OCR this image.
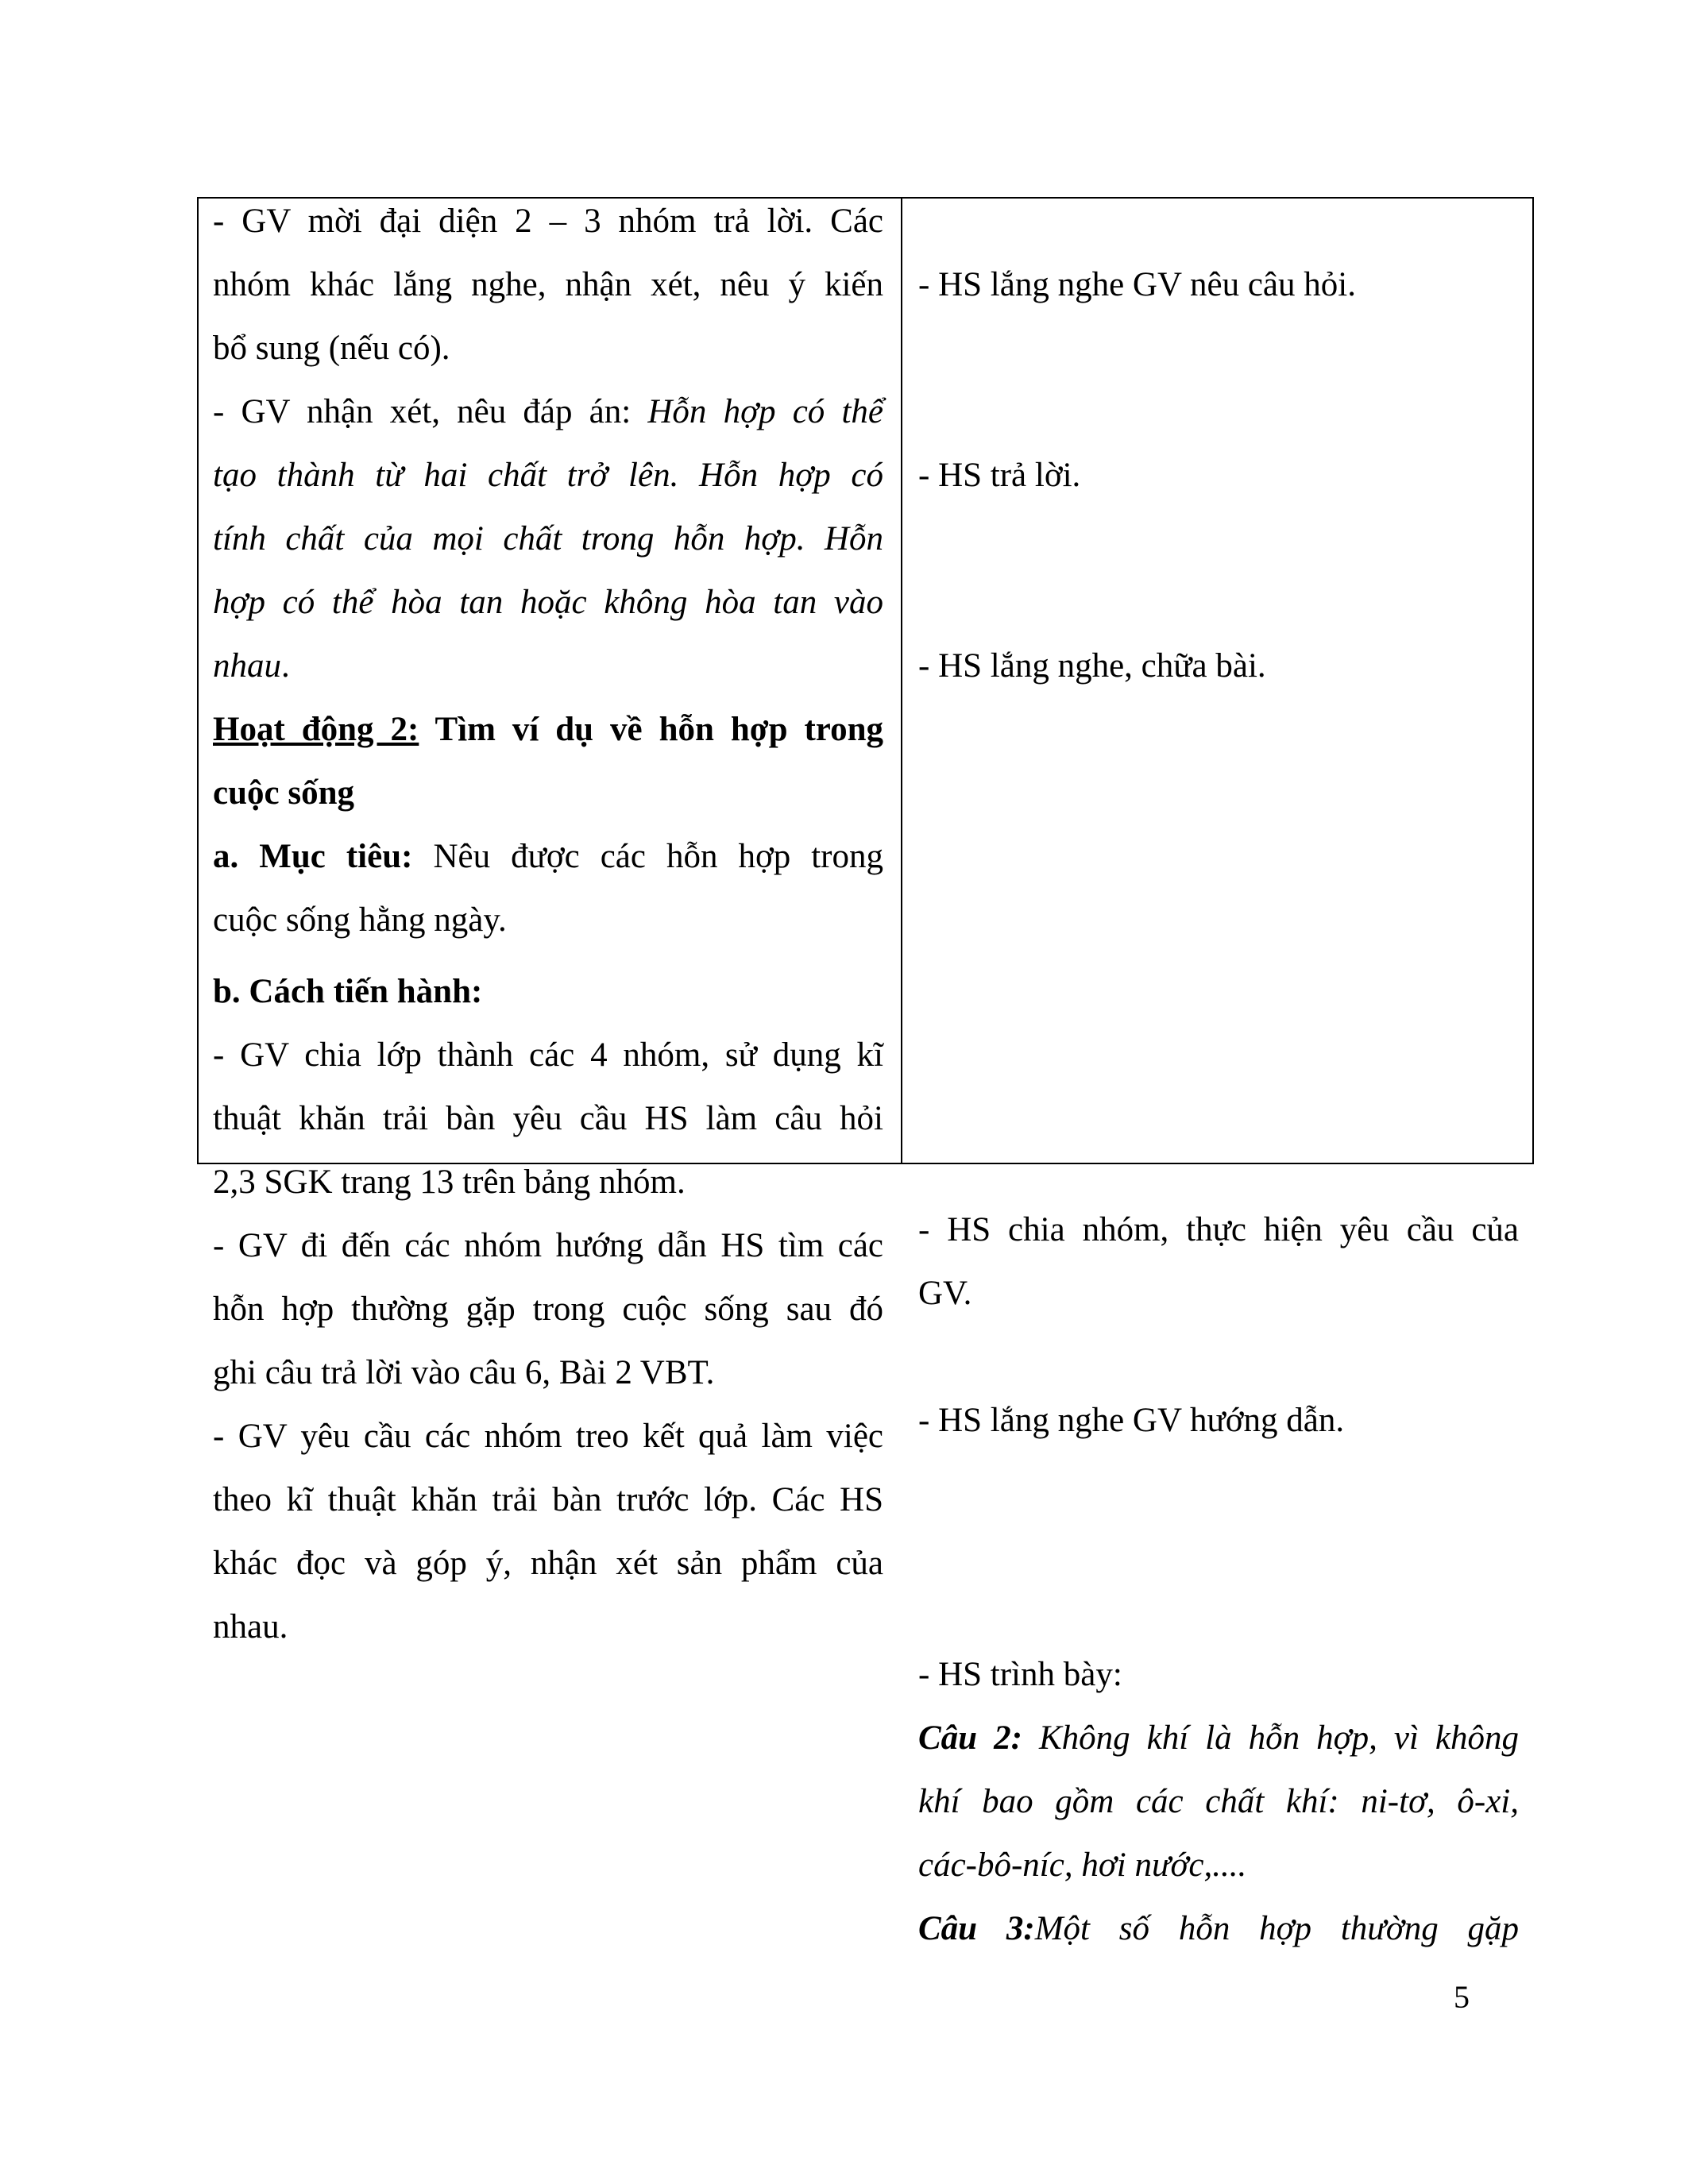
- GV mời đại diện 2 – 3 nhóm trả lời. Các
nhóm khác lắng nghe, nhận xét, nêu ý kiến
bổ sung (nếu có).
- GV nhận xét, nêu đáp án: Hỗn hợp có thể
tạo thành từ hai chất trở lên. Hỗn hợp có
tính chất của mọi chất trong hỗn hợp. Hỗn
hợp có thể hòa tan hoặc không hòa tan vào
nhau.
Hoạt động 2: Tìm ví dụ về hỗn hợp trong
cuộc sống
a. Mục tiêu: Nêu được các hỗn hợp trong
cuộc sống hằng ngày.
b. Cách tiến hành:
- GV chia lớp thành các 4 nhóm, sử dụng kĩ
thuật khăn trải bàn yêu cầu HS làm câu hỏi
2,3 SGK trang 13 trên bảng nhóm.
- GV đi đến các nhóm hướng dẫn HS tìm các
hỗn hợp thường gặp trong cuộc sống sau đó
ghi câu trả lời vào câu 6, Bài 2 VBT.
- GV yêu cầu các nhóm treo kết quả làm việc
theo kĩ thuật khăn trải bàn trước lớp. Các HS
khác đọc và góp ý, nhận xét sản phẩm của
nhau.
- HS lắng nghe GV nêu câu hỏi.
- HS trả lời.
- HS lắng nghe, chữa bài.
- HS chia nhóm, thực hiện yêu cầu của
GV.
- HS lắng nghe GV hướng dẫn.
- HS trình bày:
Câu 2: Không khí là hỗn hợp, vì không
khí bao gồm các chất khí: ni-tơ, ô-xi,
các-bô-níc, hơi nước,....
Câu 3:Một số hỗn hợp thường gặp
5
